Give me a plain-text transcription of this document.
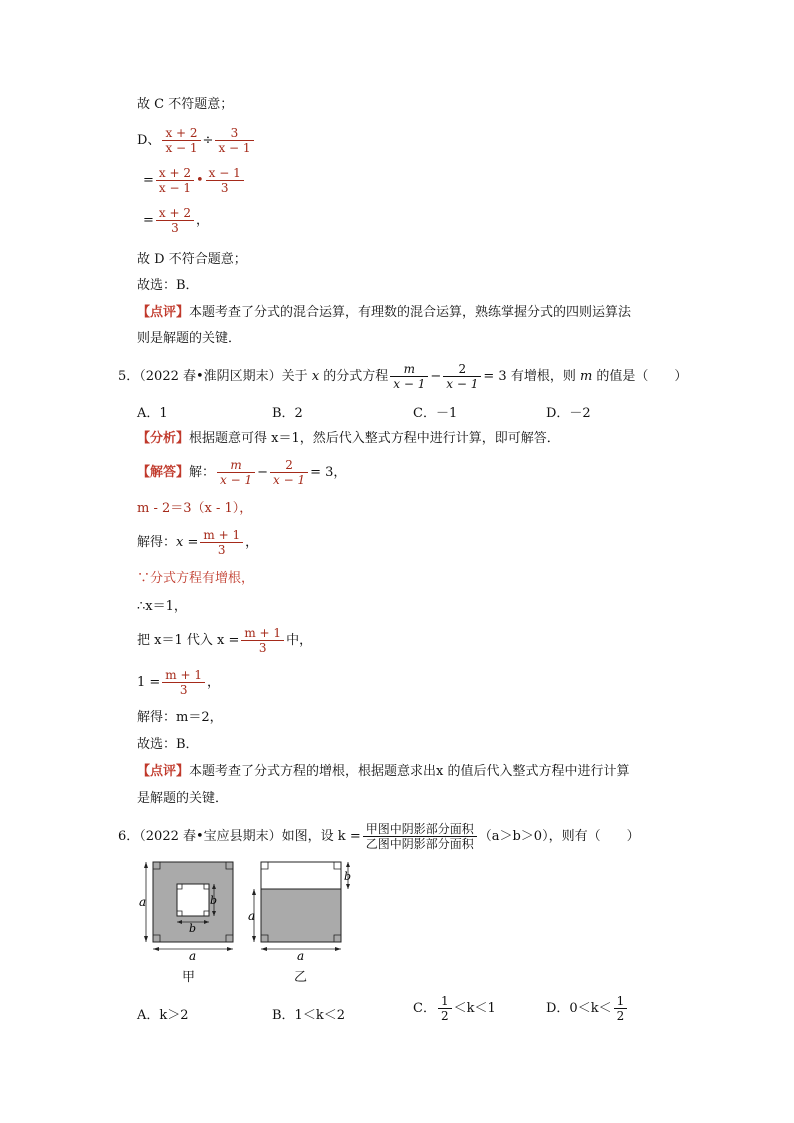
故 C 不符题意；
D、 $\frac{x + 2}{x - 1} \div \frac{3}{x - 1}$
= $\frac{x + 2}{x - 1}$ • $\frac{x - 1}{3}$
= $\frac{x + 2}{3}$ ，
故 D 不符合题意；
故选：B．
【点评】本题考查了分式的混合运算，有理数的混合运算，熟练掌握分式的四则运算法
则是解题的关键．
5．（2022 春•淮阴区期末）关于 x 的分式方程 $\frac{m}{x - 1} - \frac{2}{x - 1} = 3$ 有增根，则 m 的值是（　　）
A．1	B．2	C．－1	D．－2
【分析】根据题意可得 x＝1，然后代入整式方程中进行计算，即可解答．
【解答】解： $\frac{m}{x - 1} - \frac{2}{x - 1} = 3$，
m - 2＝3（x - 1），
解得：$x = \frac{m + 1}{3}$ ，
∵分式方程有增根，
∴x＝1，
把 x＝1 代入 $x = \frac{m + 1}{3}$ 中，
$1 = \frac{m + 1}{3}$ ，
解得：m＝2，
故选：B．
【点评】本题考查了分式方程的增根，根据题意求出x 的值后代入整式方程中进行计算
是解题的关键．
6．（2022 春•宝应县期末）如图，设 $k = \frac{\text{甲图中阴影部分面积}}{\text{乙图中阴影部分面积}} (a>b>0)$，则有（　　）
a
a
b
b
甲
a
b
a
乙
A．k＞2	B．1＜k＜2	C． $\frac{1}{2} <k<1$	D．$0<k< \frac{1}{2}$
